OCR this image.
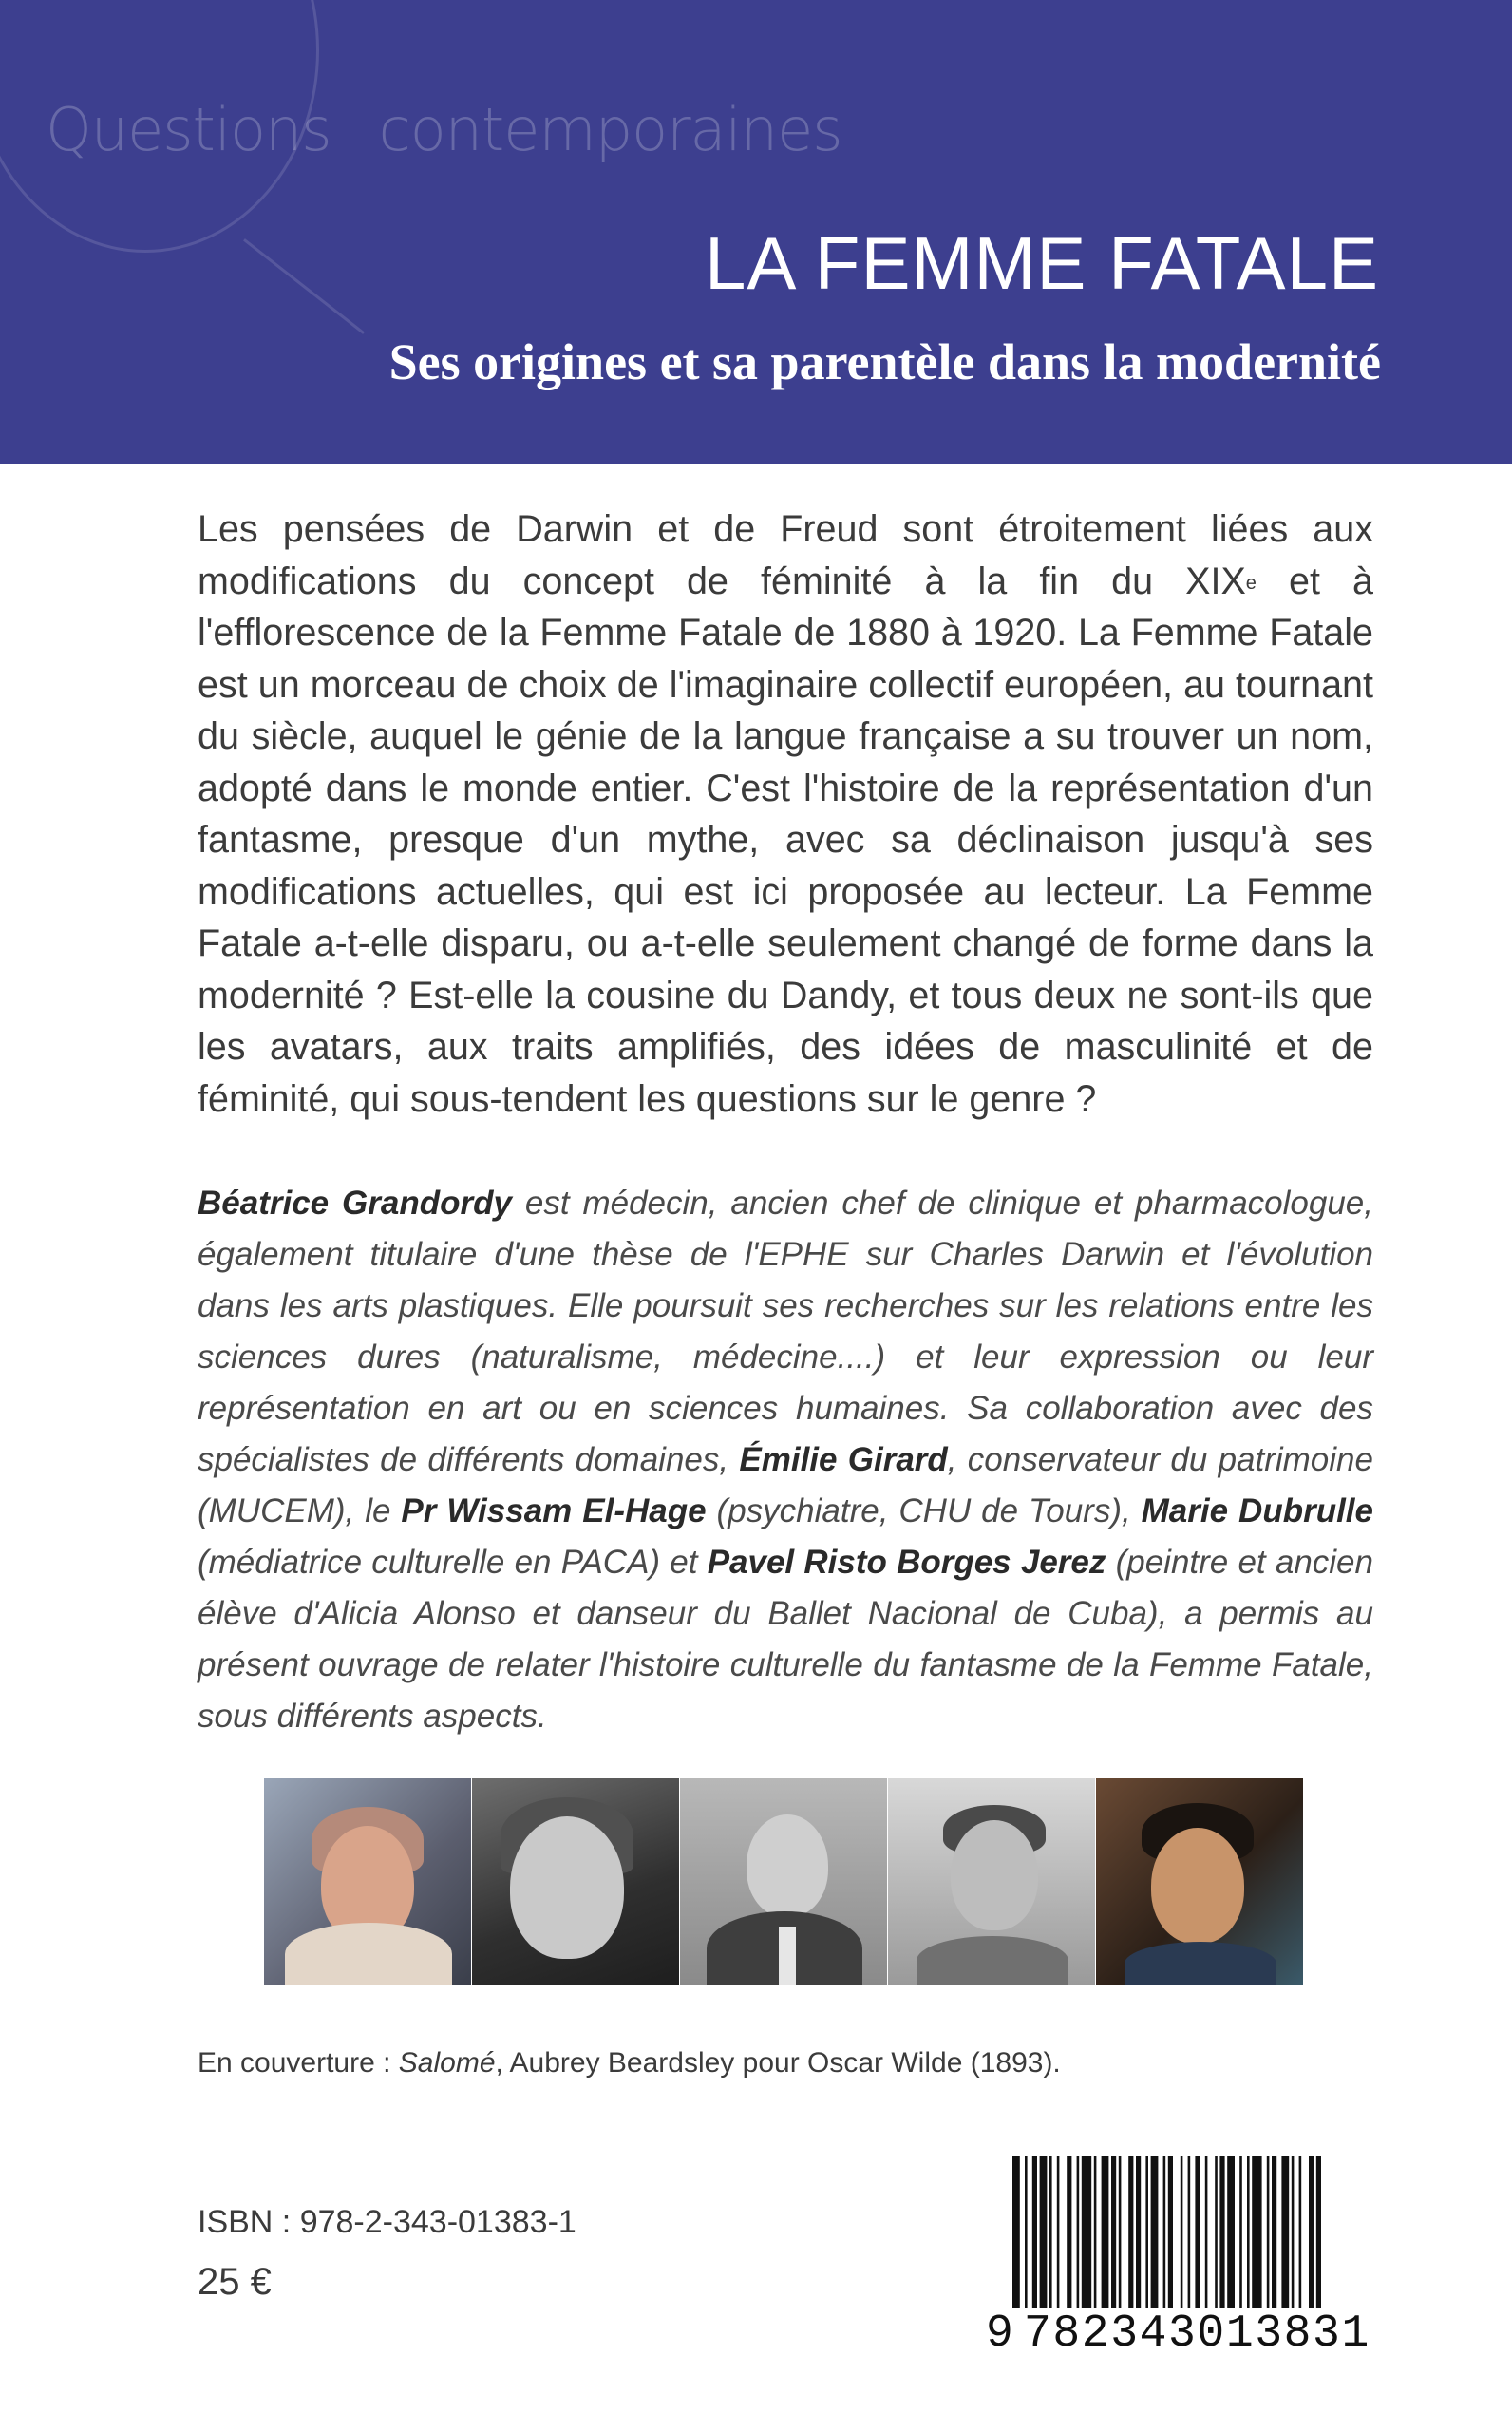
Questions contemporaines
LA FEMME FATALE
Ses origines et sa parentèle dans la modernité

Les pensées de Darwin et de Freud sont étroitement liées aux modifications du concept de féminité à la fin du XIXe et à l'efflorescence de la Femme Fatale de 1880 à 1920. La Femme Fatale est un morceau de choix de l'imaginaire collectif européen, au tournant du siècle, auquel le génie de la langue française a su trouver un nom, adopté dans le monde entier. C'est l'histoire de la représentation d'un fantasme, presque d'un mythe, avec sa déclinaison jusqu'à ses modifications actuelles, qui est ici proposée au lecteur. La Femme Fatale a-t-elle disparu, ou a-t-elle seulement changé de forme dans la modernité ? Est-elle la cousine du Dandy, et tous deux ne sont-ils que les avatars, aux traits amplifiés, des idées de masculinité et de féminité, qui sous-tendent les questions sur le genre ?

Béatrice Grandordy est médecin, ancien chef de clinique et pharmacologue, également titulaire d'une thèse de l'EPHE sur Charles Darwin et l'évolution dans les arts plastiques. Elle poursuit ses recherches sur les relations entre les sciences dures (naturalisme, médecine....) et leur expression ou leur représentation en art ou en sciences humaines. Sa collaboration avec des spécialistes de différents domaines, Émilie Girard, conservateur du patrimoine (MUCEM), le Pr Wissam El-Hage (psychiatre, CHU de Tours), Marie Dubrulle (médiatrice culturelle en PACA) et Pavel Risto Borges Jerez (peintre et ancien élève d'Alicia Alonso et danseur du Ballet Nacional de Cuba), a permis au présent ouvrage de relater l'histoire culturelle du fantasme de la Femme Fatale, sous différents aspects.

En couverture : Salomé, Aubrey Beardsley pour Oscar Wilde (1893).
ISBN : 978-2-343-01383-1
25 €
9 782343013831
